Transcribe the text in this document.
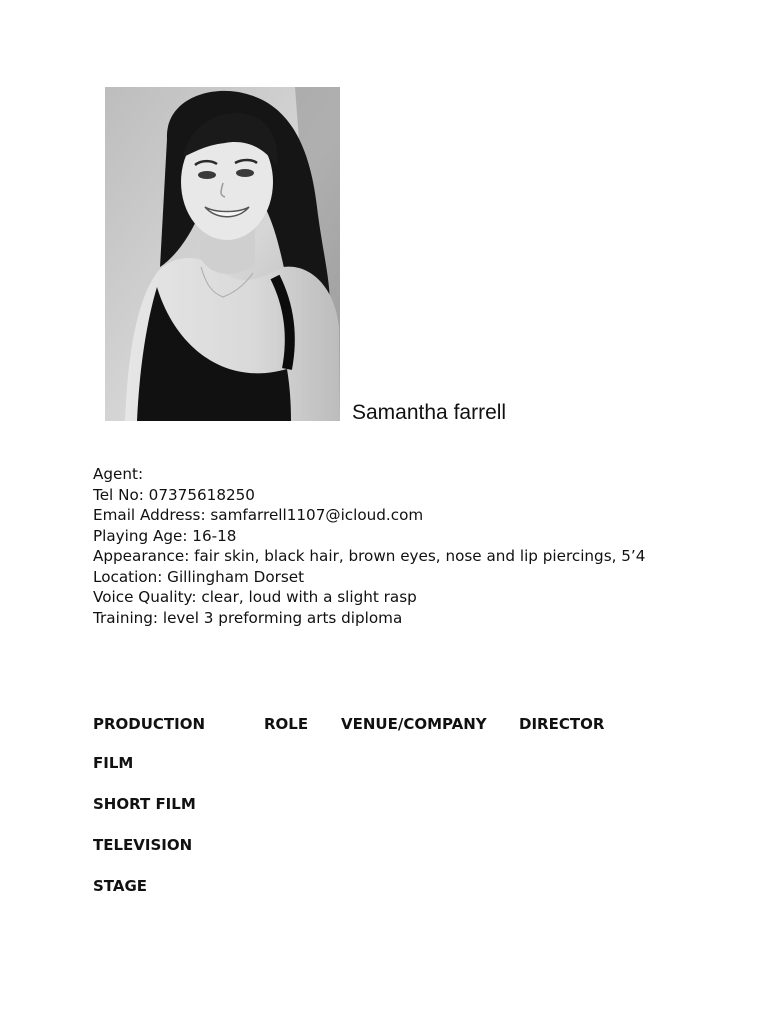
Samantha farrell
Agent:
Tel No: 07375618250
Email Address: samfarrell1107@icloud.com
Playing Age: 16-18
Appearance: fair skin, black hair, brown eyes, nose and lip piercings, 5’4
Location: Gillingham Dorset
Voice Quality: clear, loud with a slight rasp
Training: level 3 preforming arts diploma
PRODUCTION	ROLE VENUE/COMPANY DIRECTOR
FILM
SHORT FILM
TELEVISION
STAGE
